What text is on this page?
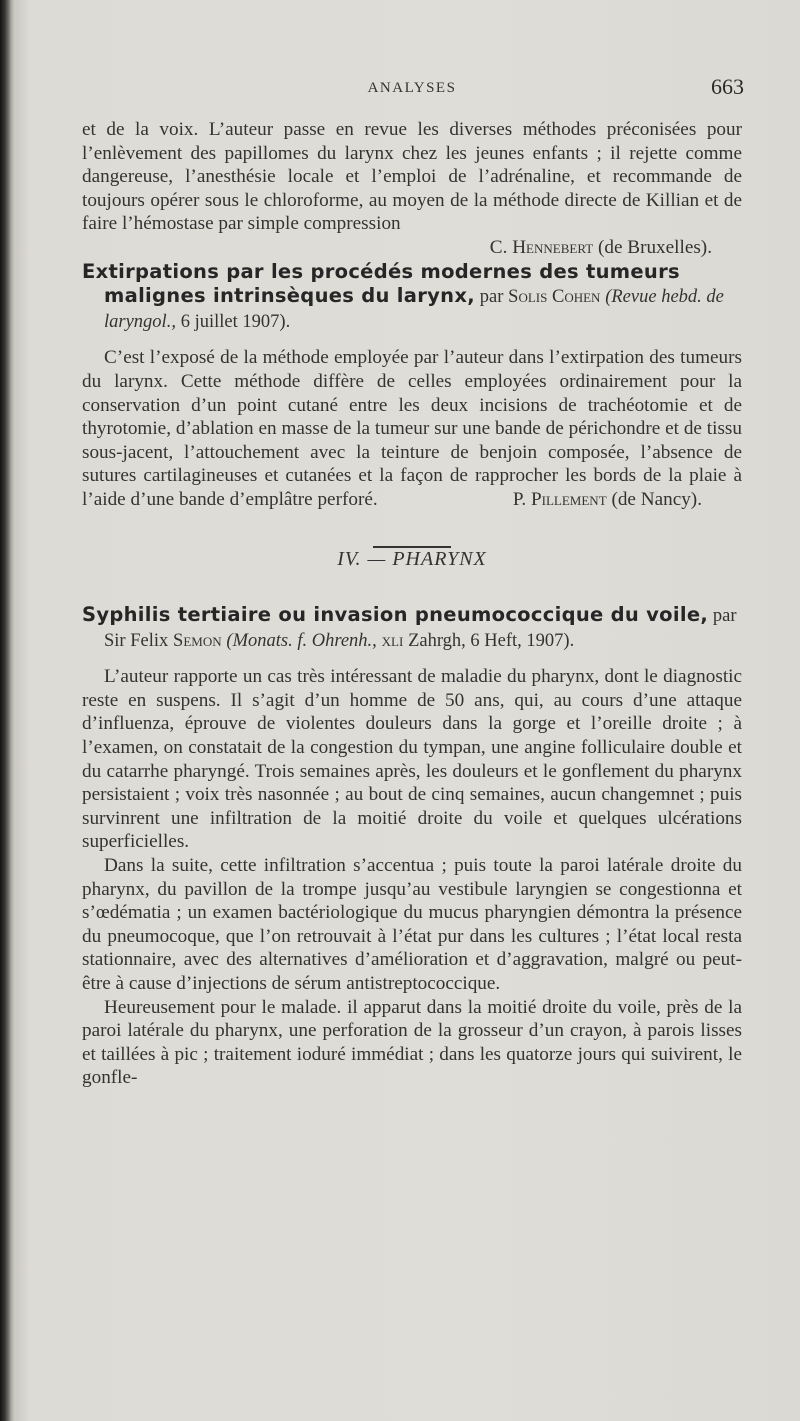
ANALYSES	663

et de la voix. L’auteur passe en revue les diverses méthodes préconisées pour l’enlèvement des papillomes du larynx chez les jeunes enfants ; il rejette comme dangereuse, l’anesthésie locale et l’emploi de l’adrénaline, et recommande de toujours opérer sous le chloroforme, au moyen de la méthode directe de Killian et de faire l’hémostase par simple compression

C. Hennebert (de Bruxelles).

Extirpations par les procédés modernes des tumeurs malignes intrinsèques du larynx, par Solis Cohen (Revue hebd. de laryngol., 6 juillet 1907).

C’est l’exposé de la méthode employée par l’auteur dans l’extirpation des tumeurs du larynx. Cette méthode diffère de celles employées ordinairement pour la conservation d’un point cutané entre les deux incisions de trachéotomie et de thyrotomie, d’ablation en masse de la tumeur sur une bande de périchondre et de tissu sous-jacent, l’attouchement avec la teinture de benjoin composée, l’absence de sutures cartilagineuses et cutanées et la façon de rapprocher les bords de la plaie à l’aide d’une bande d’emplâtre perforé.	P. Pillement (de Nancy).

IV. — PHARYNX

Syphilis tertiaire ou invasion pneumococcique du voile, par Sir Felix Semon (Monats. f. Ohrenh., xli Zahrgh, 6 Heft, 1907).

L’auteur rapporte un cas très intéressant de maladie du pharynx, dont le diagnostic reste en suspens. Il s’agit d’un homme de 50 ans, qui, au cours d’une attaque d’influenza, éprouve de violentes douleurs dans la gorge et l’oreille droite ; à l’examen, on constatait de la congestion du tympan, une angine folliculaire double et du catarrhe pharyngé. Trois semaines après, les douleurs et le gonflement du pharynx persistaient ; voix très nasonnée ; au bout de cinq semaines, aucun changemnet ; puis survinrent une infiltration de la moitié droite du voile et quelques ulcérations superficielles.

Dans la suite, cette infiltration s’accentua ; puis toute la paroi latérale droite du pharynx, du pavillon de la trompe jusqu’au vestibule laryngien se congestionna et s’œdématia ; un examen bactériologique du mucus pharyngien démontra la présence du pneumocoque, que l’on retrouvait à l’état pur dans les cultures ; l’état local resta stationnaire, avec des alternatives d’amélioration et d’aggravation, malgré ou peut-être à cause d’injections de sérum antistreptococcique.

Heureusement pour le malade. il apparut dans la moitié droite du voile, près de la paroi latérale du pharynx, une perforation de la grosseur d’un crayon, à parois lisses et taillées à pic ; traitement ioduré immédiat ; dans les quatorze jours qui suivirent, le gonfle-
